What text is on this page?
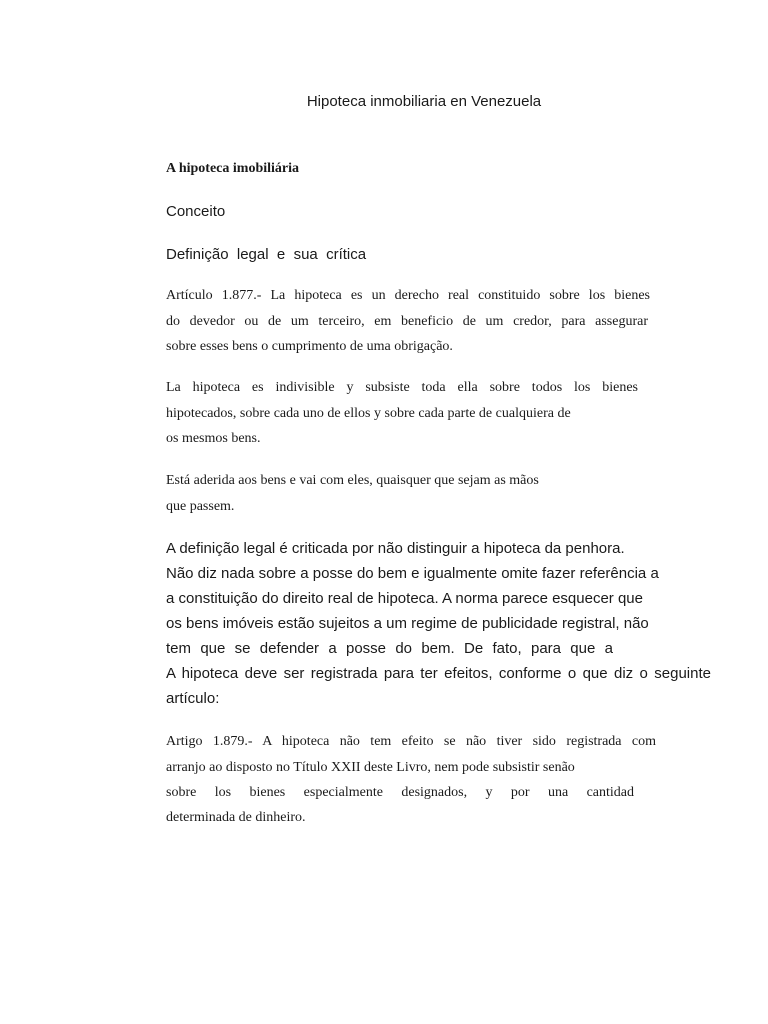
Hipoteca inmobiliaria en Venezuela

A hipoteca imobiliária

Conceito

Definição  legal  e  sua  crítica

Artículo 1.877.- La hipoteca es un derecho real constituido sobre los bienes

do devedor ou de um terceiro, em beneficio de um credor, para assegurar

sobre esses bens o cumprimento de uma obrigação.

La hipoteca es indivisible y subsiste toda ella sobre todos los bienes

hipotecados, sobre cada uno de ellos y sobre cada parte de cualquiera de

os mesmos bens.

Está aderida aos bens e vai com eles, quaisquer que sejam as mãos

que passem.

A definição legal é criticada por não distinguir a hipoteca da penhora.

Não diz nada sobre a posse do bem e igualmente omite fazer referência a

a constituição do direito real de hipoteca. A norma parece esquecer que

os bens imóveis estão sujeitos a um regime de publicidade registral, não

tem que se defender a posse do bem. De fato, para que a

A hipoteca deve ser registrada para ter efeitos, conforme o que diz o seguinte

artículo:

Artigo 1.879.- A hipoteca não tem efeito se não tiver sido registrada com

arranjo ao disposto no Título XXII deste Livro, nem pode subsistir senão

sobre los bienes especialmente designados, y por una cantidad

determinada de dinheiro.
